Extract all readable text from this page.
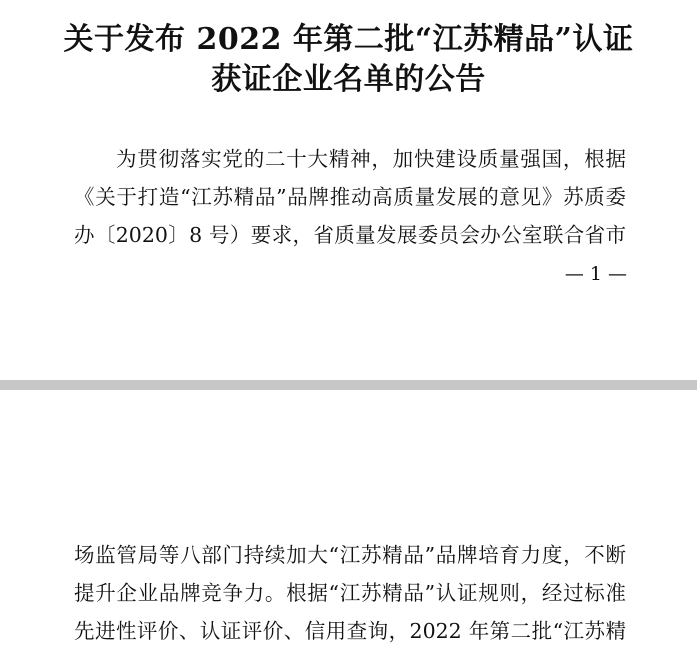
关于发布 2022 年第二批“江苏精品”认证
获证企业名单的公告
为贯彻落实党的二十大精神，加快建设质量强国，根据
《关于打造“江苏精品”品牌推动高质量发展的意见》苏质委
办〔2020〕8 号）要求，省质量发展委员会办公室联合省市
— 1 —
场监管局等八部门持续加大“江苏精品”品牌培育力度，不断
提升企业品牌竞争力。根据“江苏精品”认证规则，经过标准
先进性评价、认证评价、信用查询，2022 年第二批“江苏精
